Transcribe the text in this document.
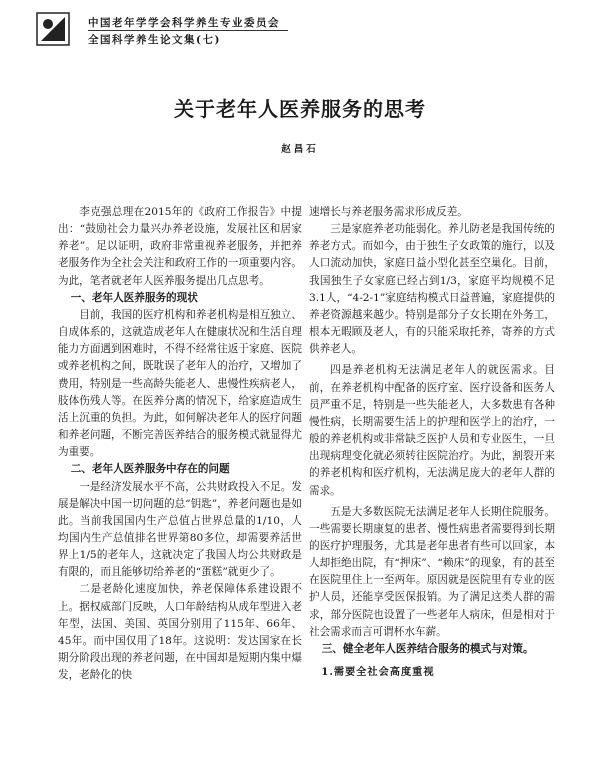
中国老年学学会科学养生专业委员会
全国科学养生论文集(七)
关于老年人医养服务的思考
赵昌石

李克强总理在2015年的《政府工作报告》中提出：“鼓励社会力量兴办养老设施，发展社区和居家养老”。足以证明，政府非常重视养老服务，并把养老服务作为全社会关注和政府工作的一项重要内容。为此，笔者就老年人医养服务提出几点思考。

一、老年人医养服务的现状

目前，我国的医疗机构和养老机构是相互独立、自成体系的，这就造成老年人在健康状况和生活自理能力方面遇到困难时，不得不经常往返于家庭、医院或养老机构之间，既耽误了老年人的治疗，又增加了费用，特别是一些高龄失能老人、患慢性疾病老人，肢体伤残人等。在医养分离的情况下，给家庭造成生活上沉重的负担。为此，如何解决老年人的医疗问题和养老问题，不断完善医养结合的服务模式就显得尤为重要。

二、老年人医养服务中存在的问题

一是经济发展水平不高，公共财政投入不足。发展是解决中国一切问题的总“钥匙”，养老问题也是如此。当前我国国内生产总值占世界总量的1/10，人均国内生产总值排名世界第80多位，却需要养活世界上1/5的老年人，这就决定了我国人均公共财政是有限的，而且能够切给养老的“蛋糕”就更少了。

二是老龄化速度加快，养老保障体系建设跟不上。据权威部门反映，人口年龄结构从成年型进入老年型，法国、美国、英国分别用了115年、66年、45年。而中国仅用了18年。这说明：发达国家在长期分阶段出现的养老问题，在中国却是短期内集中爆发，老龄化的快

速增长与养老服务需求形成反差。

三是家庭养老功能弱化。养儿防老是我国传统的养老方式。而如今，由于独生子女政策的施行，以及人口流动加快，家庭日益小型化甚至空巢化。目前，我国独生子女家庭已经占到1/3，家庭平均规模不足3.1人，“4-2-1”家庭结构模式日益普遍，家庭提供的养老资源越来越少。特别是部分子女长期在外务工，根本无暇顾及老人，有的只能采取托养，寄养的方式供养老人。

四是养老机构无法满足老年人的就医需求。目前，在养老机构中配备的医疗室、医疗设备和医务人员严重不足，特别是一些失能老人，大多数患有各种慢性病，长期需要生活上的护理和医学上的治疗，一般的养老机构或非常缺乏医护人员和专业医生，一旦出现病理变化就必须转往医院治疗。为此，割裂开来的养老机构和医疗机构，无法满足庞大的老年人群的需求。

五是大多数医院无法满足老年人长期住院服务。一些需要长期康复的患者、慢性病患者需要得到长期的医疗护理服务，尤其是老年患者有些可以回家，本人却拒绝出院，有“押床”、“赖床”的现象，有的甚至在医院里住上一至两年。原因就是医院里有专业的医护人员，还能享受医保报销。为了满足这类人群的需求，部分医院也设置了一些老年人病床，但是相对于社会需求而言可谓杯水车薪。

三、健全老年人医养结合服务的模式与对策。
1.需要全社会高度重视
